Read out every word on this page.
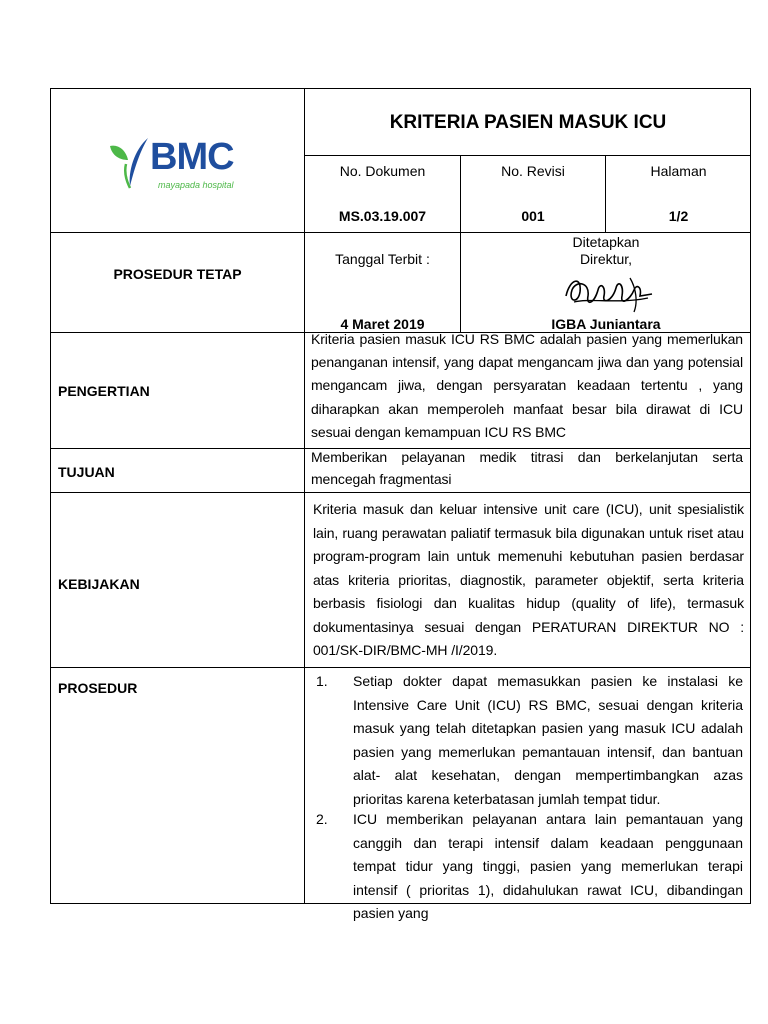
BMC
mayapada hospital
KRITERIA PASIEN MASUK ICU
No. Dokumen
MS.03.19.007
No. Revisi
001
Halaman
1/2
PROSEDUR TETAP
Tanggal Terbit :
4 Maret 2019
Ditetapkan
Direktur,
IGBA Juniantara
PENGERTIAN
Kriteria pasien masuk ICU RS BMC adalah pasien yang memerlukan penanganan intensif, yang dapat mengancam jiwa dan yang potensial mengancam jiwa, dengan persyaratan keadaan tertentu , yang diharapkan akan memperoleh manfaat besar bila dirawat di ICU sesuai dengan kemampuan ICU RS BMC
TUJUAN
Memberikan pelayanan medik titrasi dan berkelanjutan serta mencegah fragmentasi
KEBIJAKAN
Kriteria masuk dan keluar intensive unit care (ICU), unit spesialistik lain, ruang perawatan paliatif termasuk bila digunakan untuk riset atau program-program lain untuk memenuhi kebutuhan pasien berdasar atas kriteria prioritas, diagnostik, parameter objektif, serta kriteria berbasis fisiologi dan kualitas hidup (quality of life), termasuk dokumentasinya sesuai dengan PERATURAN DIREKTUR NO : 001/SK-DIR/BMC-MH /I/2019.
PROSEDUR	1. Setiap dokter dapat memasukkan pasien ke instalasi ke Intensive Care Unit (ICU) RS BMC, sesuai dengan kriteria masuk yang telah ditetapkan pasien yang masuk ICU adalah pasien yang memerlukan pemantauan intensif, dan bantuan alat- alat kesehatan, dengan mempertimbangkan azas prioritas karena keterbatasan jumlah tempat tidur.
2. ICU memberikan pelayanan antara lain pemantauan yang canggih dan terapi intensif dalam keadaan penggunaan tempat tidur yang tinggi, pasien yang memerlukan terapi intensif ( prioritas 1), didahulukan rawat ICU, dibandingan pasien yang
